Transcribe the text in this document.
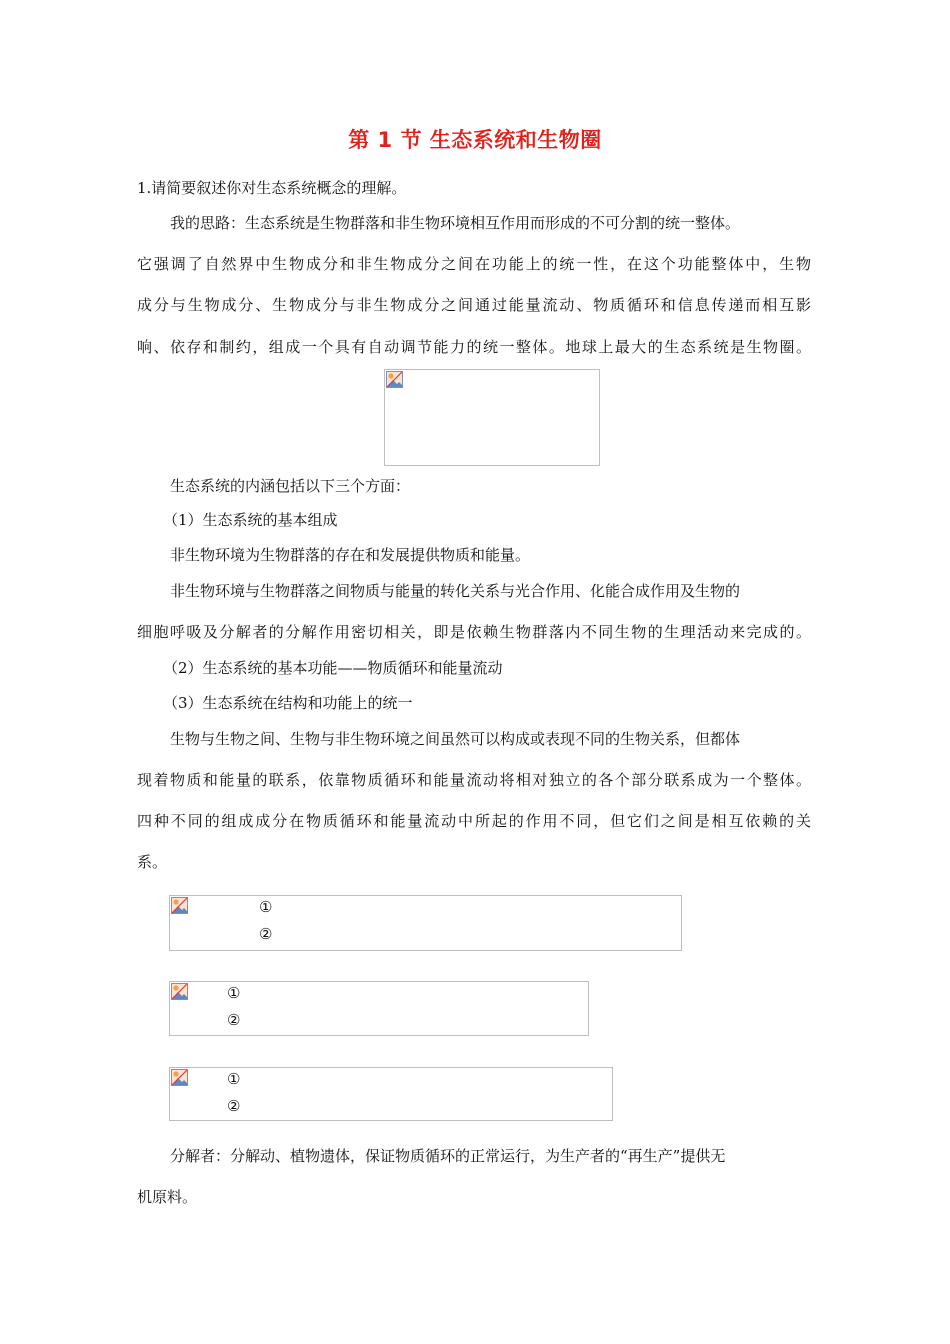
第 1 节 生态系统和生物圈
1.请简要叙述你对生态系统概念的理解。
我的思路：生态系统是生物群落和非生物环境相互作用而形成的不可分割的统一整体。
它强调了自然界中生物成分和非生物成分之间在功能上的统一性，在这个功能整体中，生物
成分与生物成分、生物成分与非生物成分之间通过能量流动、物质循环和信息传递而相互影
响、依存和制约，组成一个具有自动调节能力的统一整体。地球上最大的生态系统是生物圈。
生态系统的内涵包括以下三个方面：
（1）生态系统的基本组成
非生物环境为生物群落的存在和发展提供物质和能量。
非生物环境与生物群落之间物质与能量的转化关系与光合作用、化能合成作用及生物的
细胞呼吸及分解者的分解作用密切相关，即是依赖生物群落内不同生物的生理活动来完成的。
（2）生态系统的基本功能——物质循环和能量流动
（3）生态系统在结构和功能上的统一
生物与生物之间、生物与非生物环境之间虽然可以构成或表现不同的生物关系，但都体
现着物质和能量的联系，依靠物质循环和能量流动将相对独立的各个部分联系成为一个整体。
四种不同的组成成分在物质循环和能量流动中所起的作用不同，但它们之间是相互依赖的关
系。
①
②
①
②
①
②
分解者：分解动、植物遗体，保证物质循环的正常运行，为生产者的“再生产”提供无
机原料。
